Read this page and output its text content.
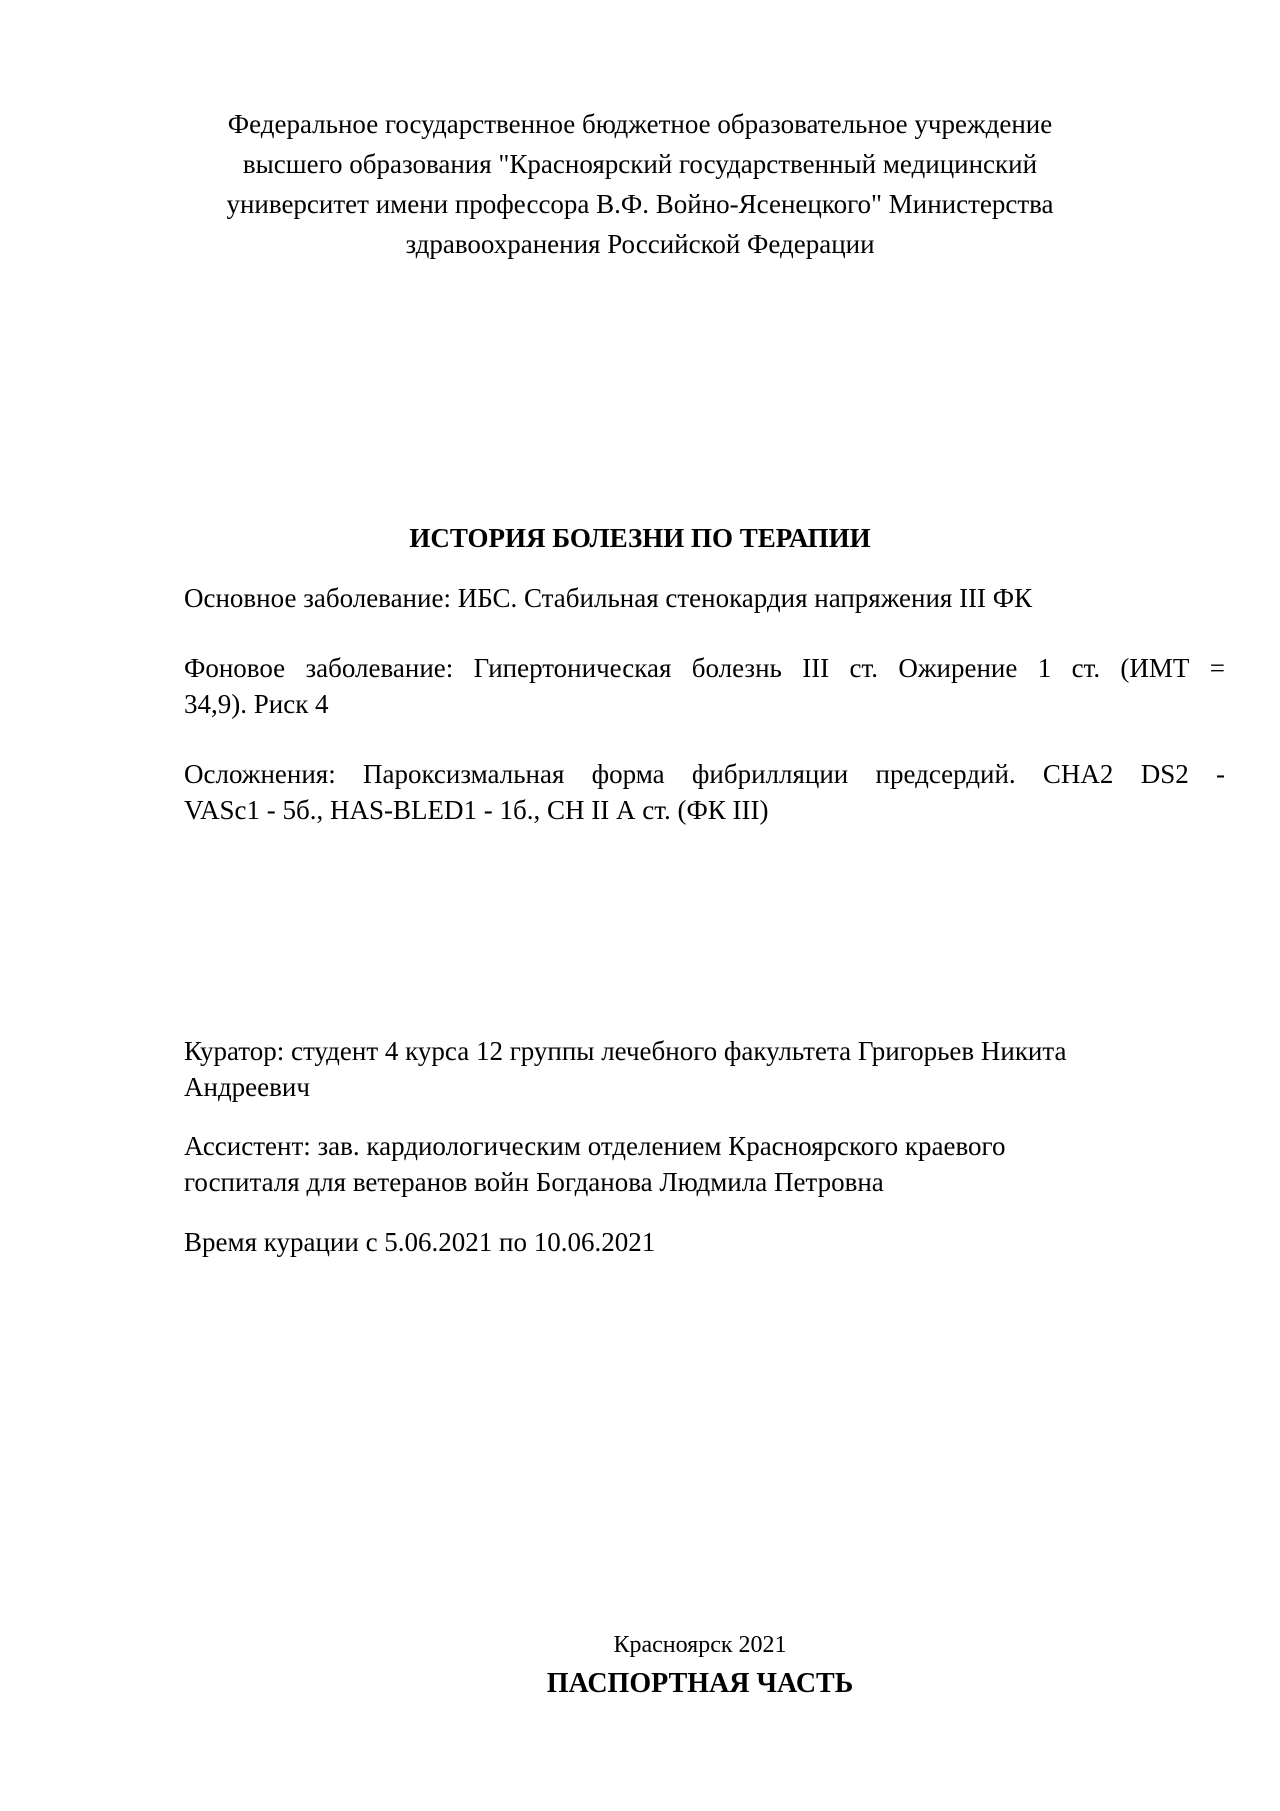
Федеральное государственное бюджетное образовательное учреждение
высшего образования "Красноярский государственный медицинский
университет имени профессора В.Ф. Войно-Ясенецкого" Министерства
здравоохранения Российской Федерации
ИСТОРИЯ БОЛЕЗНИ ПО ТЕРАПИИ
Основное заболевание: ИБС. Стабильная стенокардия напряжения III ФК
Фоновое заболевание: Гипертоническая болезнь III ст. Ожирение 1 ст. (ИМТ =
34,9). Риск 4
Осложнения: Пароксизмальная форма фибрилляции предсердий. CHA2 DS2 -
VASc1 - 5б., HAS-BLED1 - 1б., СН II А ст. (ФК III)
Куратор: студент 4 курса 12 группы лечебного факультета Григорьев Никита
Андреевич
Ассистент: зав. кардиологическим отделением Красноярского краевого
госпиталя для ветеранов войн Богданова Людмила Петровна
Время курации с 5.06.2021 по 10.06.2021
Красноярск 2021
ПАСПОРТНАЯ ЧАСТЬ
